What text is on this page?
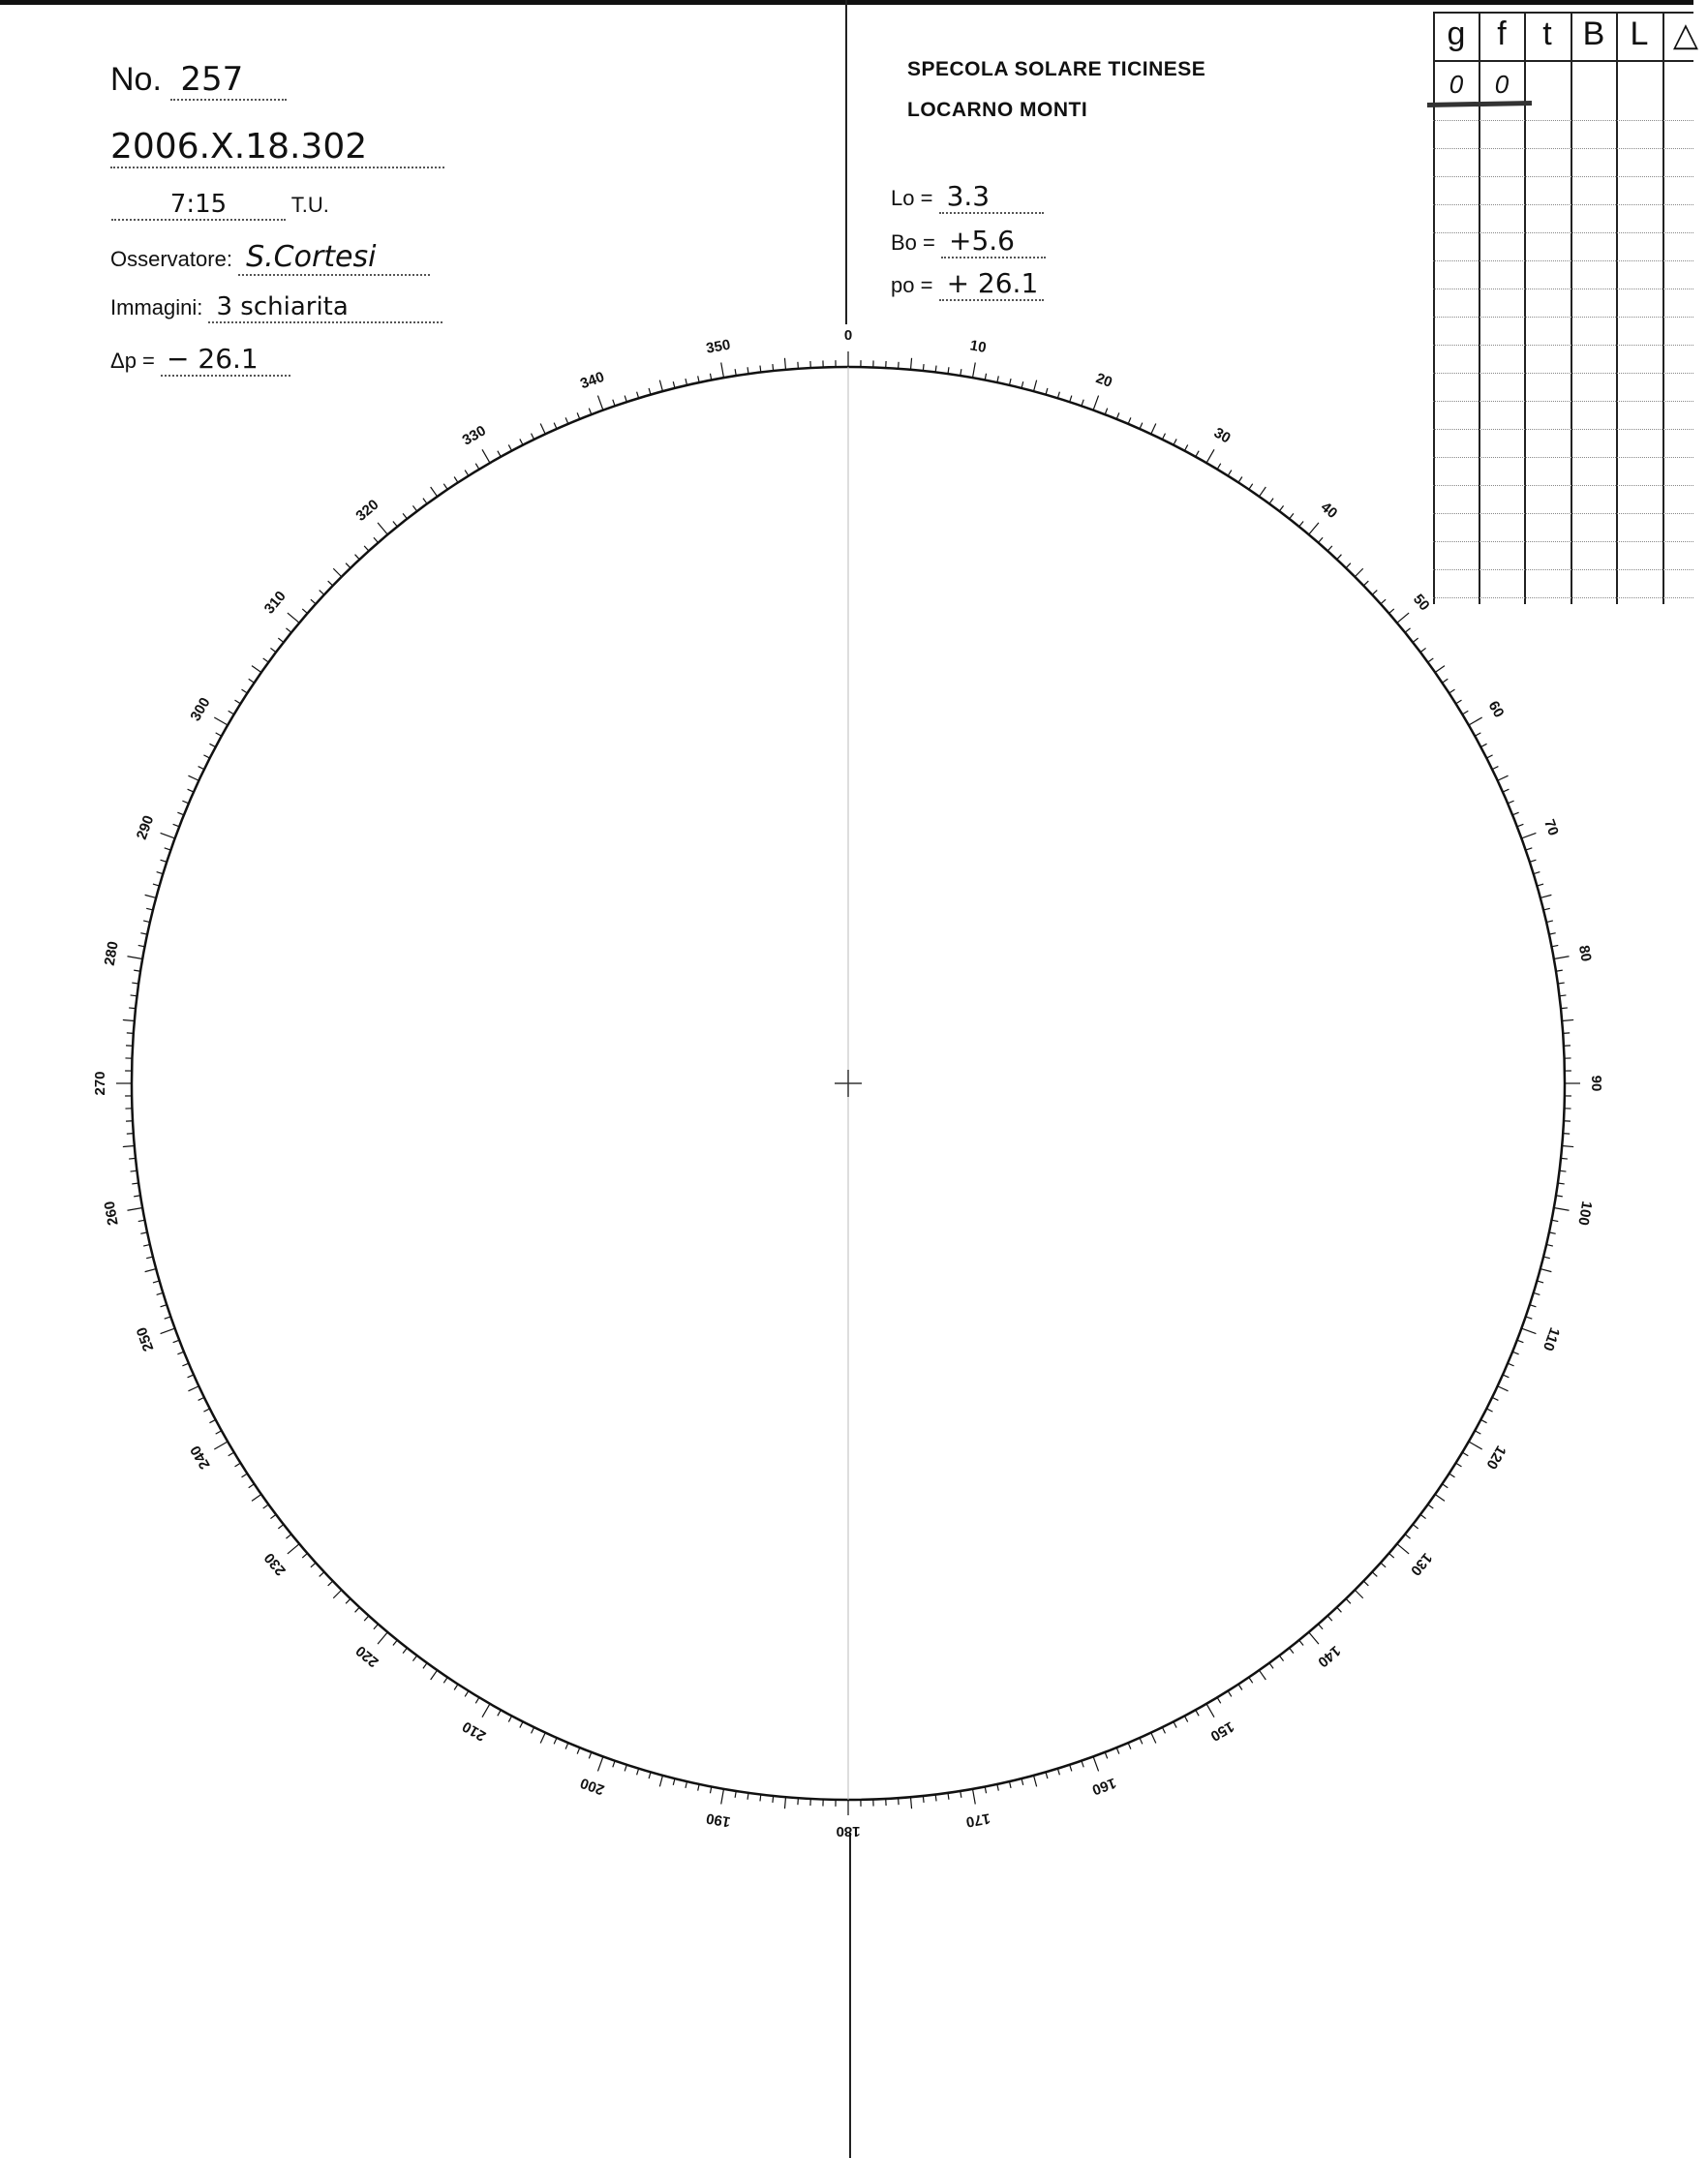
No. 257
2006.X.18.302
7:15	T.U.
Osservatore: S.Cortesi
Immagini: 3 schiarita
Δp = − 26.1
SPECOLA SOLARE TICINESE
LOCARNO MONTI
Lo = 3.3
Bo = +5.6
po = + 26.1
g f	t B L △
0	0
0
10
20
30
40
50
60
70
80
90
100
110
120
130
140
150
160
170
180
190
200
210
220
230
240
250
260
270
280
290
300
310
320
330
340
350
